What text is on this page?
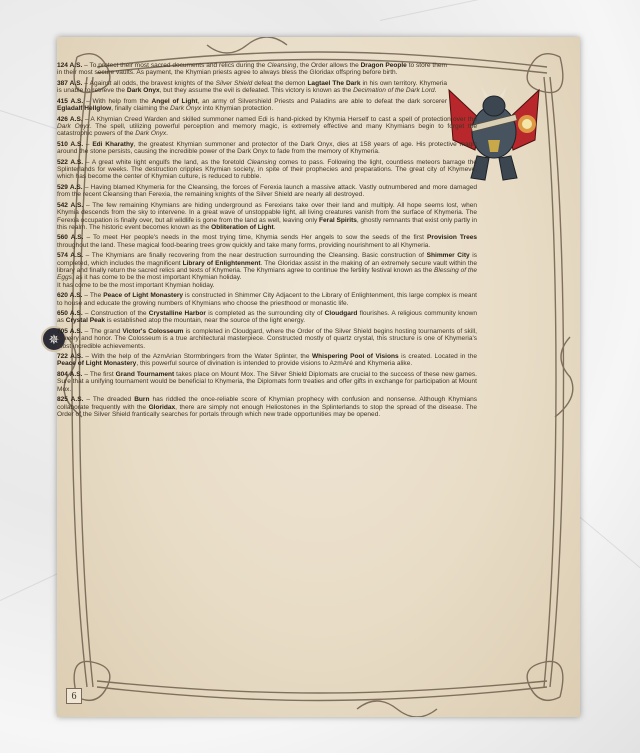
✵

124 A.S. – To protect their most sacred documents and relics during the Cleansing, the Order allows the Dragon People to store them in their most secure vaults. As payment, the Khymian priests agree to always bless the Gloridax offspring before birth.

387 A.S. – Against all odds, the bravest knights of the Silver Shield defeat the demon Lagtael The Dark in his own territory. Khymeria is unable to retrieve the Dark Onyx, but they assume the evil is defeated. This victory is known as the Decimation of the Dark Lord.

415 A.S. – With help from the Angel of Light, an army of Silvershield Priests and Paladins are able to defeat the dark sorcerer Egladalf Hellglow, finally claiming the Dark Onyx into Khymian protection.

426 A.S. – A Khymian Creed Warden and skilled summoner named Edi is hand-picked by Khymia Herself to cast a spell of protection over the Dark Onyx. The spell, utilizing powerful perception and memory magic, is extremely effective and many Khymians begin to forget the catastrophic powers of the Dark Onyx.

510 A.S. – Edi Kharathy, the greatest Khymian summoner and protector of the Dark Onyx, dies at 158 years of age. His protective magic around the stone persists, causing the incredible power of the Dark Onyx to fade from the memory of Khymeria.

522 A.S. – A great white light engulfs the land, as the foretold Cleansing comes to pass. Following the light, countless meteors barrage the Splinterlands for weeks. The destruction cripples Khymian society, in spite of their prophecies and preparations. The great city of Khymeve, which has become the center of Khymian culture, is reduced to rubble.

529 A.S. – Having blamed Khymeria for the Cleansing, the forces of Ferexia launch a massive attack. Vastly outnumbered and more damaged from the recent Cleansing than Ferexia, the remaining knights of the Silver Shield are nearly all destroyed.

542 A.S. – The few remaining Khymians are hiding underground as Ferexians take over their land and multiply. All hope seems lost, when Khymia descends from the sky to intervene. In a great wave of unstoppable light, all living creatures vanish from the surface of Khymeria. The Ferexia occupation is finally over, but all wildlife is gone from the land as well, leaving only Feral Spirits, ghostly remnants that exist only partly in this realm. The historic event becomes known as the Obliteration of Light.

560 A.S. – To meet Her people's needs in the most trying time, Khymia sends Her angels to sow the seeds of the first Provision Trees throughout the land. These magical food-bearing trees grow quickly and take many forms, providing nourishment to all Khymeria.

574 A.S. – The Khymians are finally recovering from the near destruction surrounding the Cleansing. Basic construction of Shimmer City is completed, which includes the magnificent Library of Enlightenment. The Gloridax assist in the making of an extremely secure vault within the library and finally return the sacred relics and texts of Khymeria. The Khymians agree to continue the fertility festival known as the Blessing of the Eggs, as it has come to be the most important Khymian holiday.
It has come to be the most important Khymian holiday.

620 A.S. – The Peace of Light Monastery is constructed in Shimmer City Adjacent to the Library of Enlightenment, this large complex is meant to house and educate the growing numbers of Khymians who choose the priesthood or monastic life.

650 A.S. – Construction of the Crystalline Harbor is completed as the surrounding city of Cloudgard flourishes. A religious community known as Crystal Peak is established atop the mountain, near the source of the light energy.

705 A.S. – The grand Victor's Colosseum is completed in Cloudgard, where the Order of the Silver Shield begins hosting tournaments of skill, bravery and honor. The Colosseum is a true architectural masterpiece. Constructed mostly of quartz crystal, this structure is one of Khymeria's most incredible achievements.

722 A.S. – With the help of the AzmArian Stormbringers from the Water Splinter, the Whispering Pool of Visions is created. Located in the Peace of Light Monastery, this powerful source of divination is intended to provide visions to AzmAré and Khymeria alike.

804 A.S. – The first Grand Tournament takes place on Mount Mox. The Silver Shield Diplomats are crucial to the success of these new games. Sure that a unifying tournament would be beneficial to Khymeria, the Diplomats form treaties and offer gifts in exchange for participation at Mount Mox.

825 A.S. – The dreaded Burn has riddled the once-reliable score of Khymian prophecy with confusion and nonsense. Although Khymians collaborate frequently with the Gloridax, there are simply not enough Heliostones in the Splinterlands to stop the spread of the disease. The Order of the Silver Shield frantically searches for portals through which new trade opportunities may be opened.

6
